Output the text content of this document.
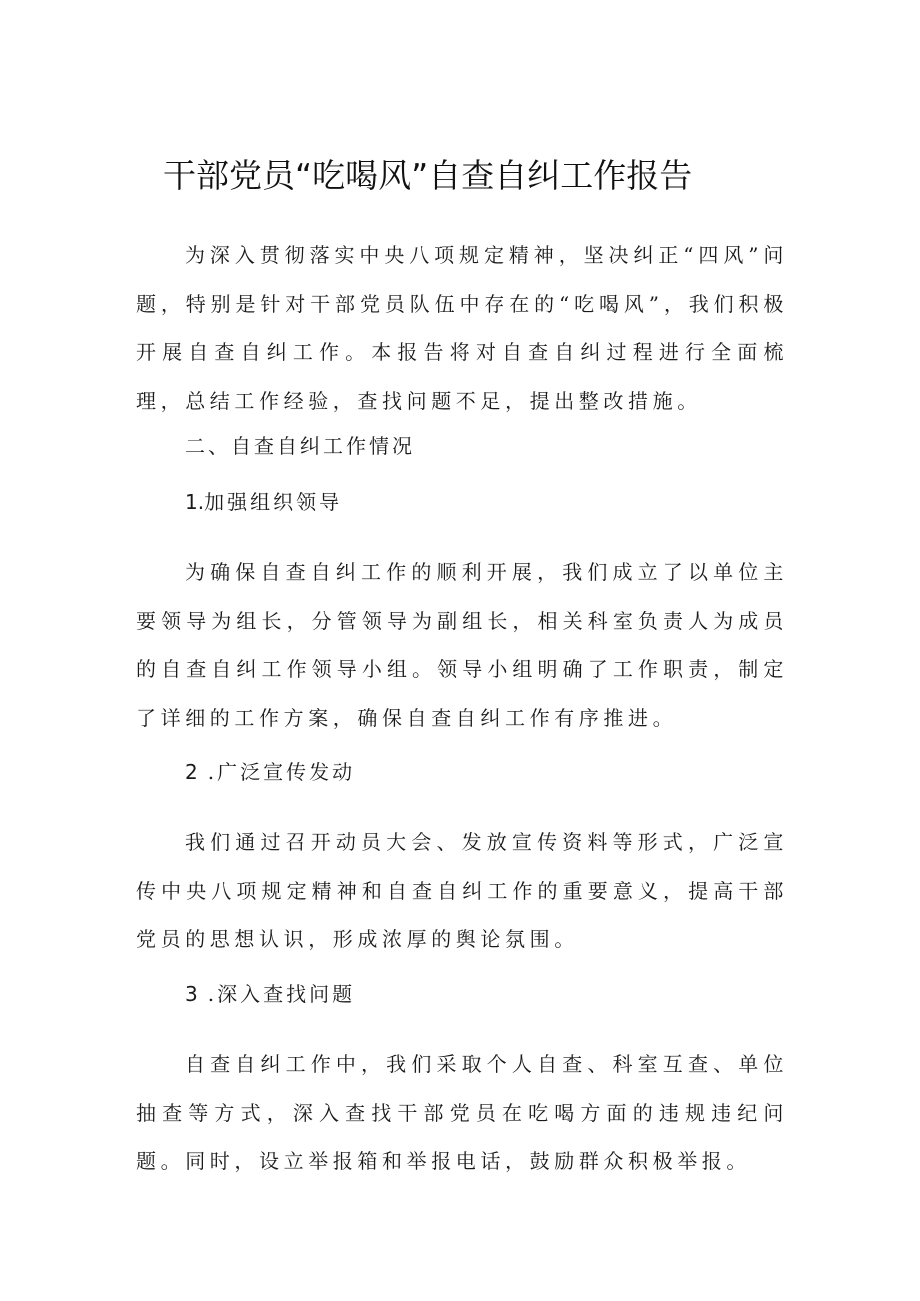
干部党员“吃喝风”自查自纠工作报告

为深入贯彻落实中央八项规定精神，坚决纠正“四风”问题，特别是针对干部党员队伍中存在的“吃喝风”，我们积极开展自查自纠工作。本报告将对自查自纠过程进行全面梳理，总结工作经验，查找问题不足，提出整改措施。

二、自查自纠工作情况

1.加强组织领导

为确保自查自纠工作的顺利开展，我们成立了以单位主要领导为组长，分管领导为副组长，相关科室负责人为成员的自查自纠工作领导小组。领导小组明确了工作职责，制定了详细的工作方案，确保自查自纠工作有序推进。

2 .广泛宣传发动

我们通过召开动员大会、发放宣传资料等形式，广泛宣传中央八项规定精神和自查自纠工作的重要意义，提高干部党员的思想认识，形成浓厚的舆论氛围。

3 .深入查找问题

自查自纠工作中，我们采取个人自查、科室互查、单位抽查等方式，深入查找干部党员在吃喝方面的违规违纪问题。同时，设立举报箱和举报电话，鼓励群众积极举报。
